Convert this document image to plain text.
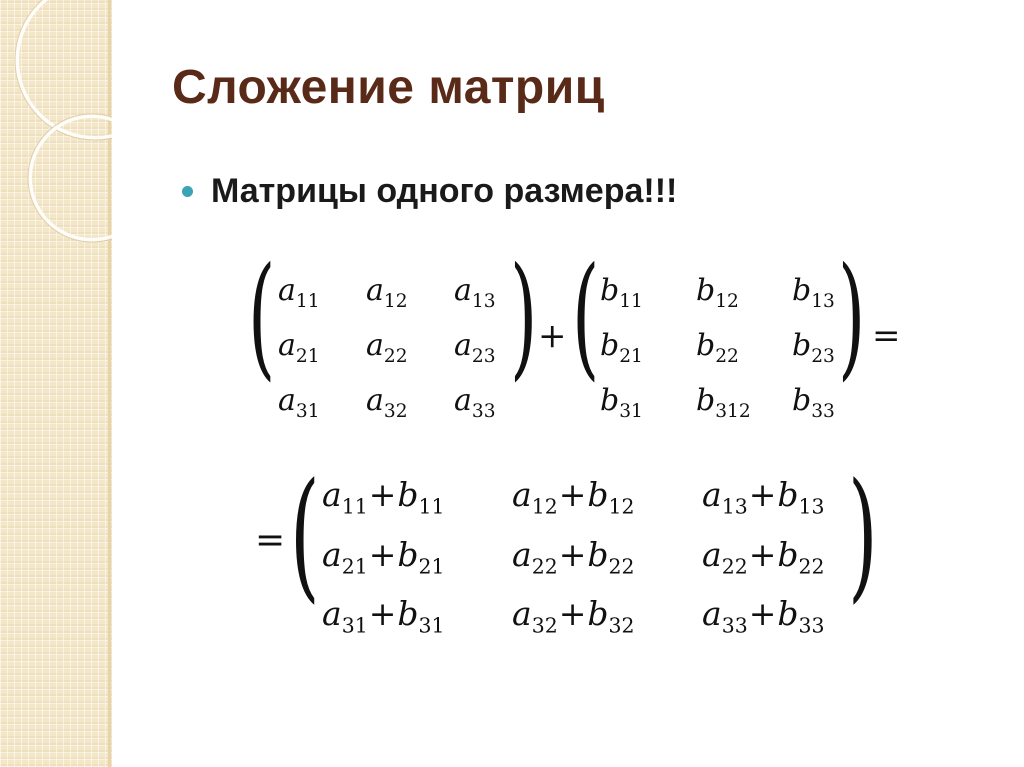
Сложение матриц
Матрицы одного размера!!!
( $a_{11}$	$a_{12}$	$a_{13}$
$a_{21}$	$a_{22}$	$a_{23}$
$a_{31}$	$a_{32}$	$a_{33}$
) + ( $b_{11}$	$b_{12}$	$b_{13}$
$b_{21}$	$b_{22}$	$b_{23}$
$b_{31}$	$b_{312}$	$b_{33}$
) =
= ( $a_{11}+b_{11}$	$a_{12}+b_{12}$	$a_{13}+b_{13}$
$a_{21}+b_{21}$	$a_{22}+b_{22}$	$a_{22}+b_{22}$
$a_{31}+b_{31}$	$a_{32}+b_{32}$	$a_{33}+b_{33}$
)
